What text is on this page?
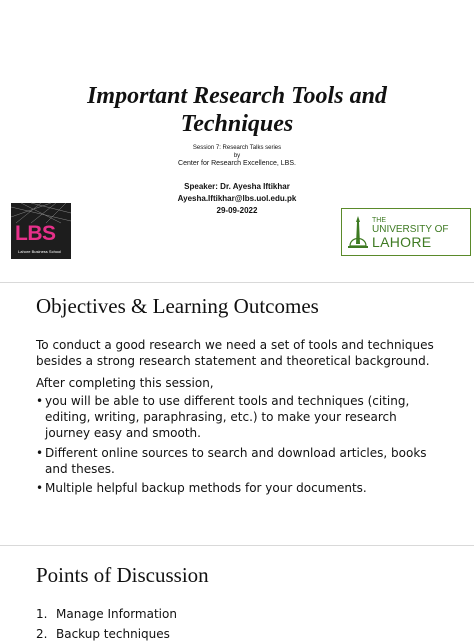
Important Research Tools and
Techniques
Session 7: Research Talks series
by
Center for Research Excellence, LBS.
Speaker: Dr. Ayesha Iftikhar
Ayesha.Iftikhar@lbs.uol.edu.pk
29-09-2022
LBS
Lahore Business School
THE
UNIVERSITY OF
LAHORE
Objectives & Learning Outcomes
To conduct a good research we need a set of tools and techniques besides a strong research statement and theoretical background.
After completing this session,
• you will be able to use different tools and techniques (citing, editing, writing, paraphrasing, etc.) to make your research journey easy and smooth.
• Different online sources to search and download articles, books and theses.
• Multiple helpful backup methods for your documents.
Points of Discussion
1. Manage Information
2. Backup techniques
